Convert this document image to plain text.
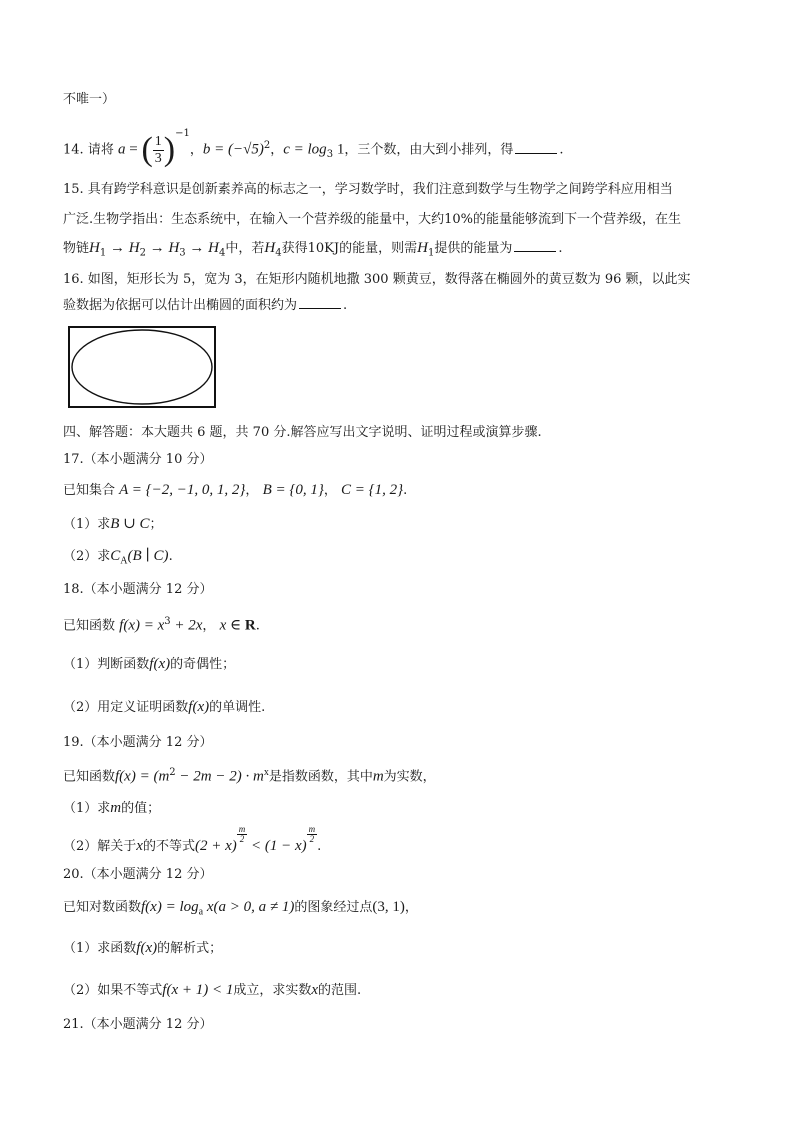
不唯一）
14. 请将 a = ( $\frac{1}{3} )^{-1}$，$b = (-√5)^2$，$c = \log_3 1$，三个数，由大到小排列，得	.
15. 具有跨学科意识是创新素养高的标志之一，学习数学时，我们注意到数学与生物学之间跨学科应用相当
广泛.生物学指出：生态系统中，在输入一个营养级的能量中，大约10%的能量能够流到下一个营养级，在生
物链$H_1 \to H_2 \to H_3 \to H_4$中，若$H_4$获得10KJ的能量，则需$H_1$提供的能量为	.
16. 如图，矩形长为 5，宽为 3，在矩形内随机地撒 300 颗黄豆，数得落在椭圆外的黄豆数为 96 颗，以此实
验数据为依据可以估计出椭圆的面积约为	.
四、解答题：本大题共 6 题，共 70 分.解答应写出文字说明、证明过程或演算步骤.
17.（本小题满分 10 分）
已知集合 A = {−2, −1, 0, 1, 2}， B = {0, 1}， C = {1, 2}.
（1）求B ∪ C；
（2）求$C_A(B$ ∣ C).
18.（本小题满分 12 分）
已知函数 $f(x) = x^3 + 2x$， x ∈ R.
（1）判断函数f(x)的奇偶性；
（2）用定义证明函数f(x)的单调性.
19.（本小题满分 12 分）
已知函数$f(x) = (m^2 - 2m - 2) \cdot m^x$是指数函数，其中m为实数，
（1）求m的值；
（2）解关于x的不等式(2 + x)
$\frac{m}{2}$
< (1 − x)
$\frac{m}{2}$
.
20.（本小题满分 12 分）
已知对数函数$f(x) = \log_a x(a > 0$, a ≠ 1)的图象经过点(3, 1)，
（1）求函数f(x)的解析式；
（2）如果不等式f(x + 1) < 1成立，求实数x的范围.
21.（本小题满分 12 分）
